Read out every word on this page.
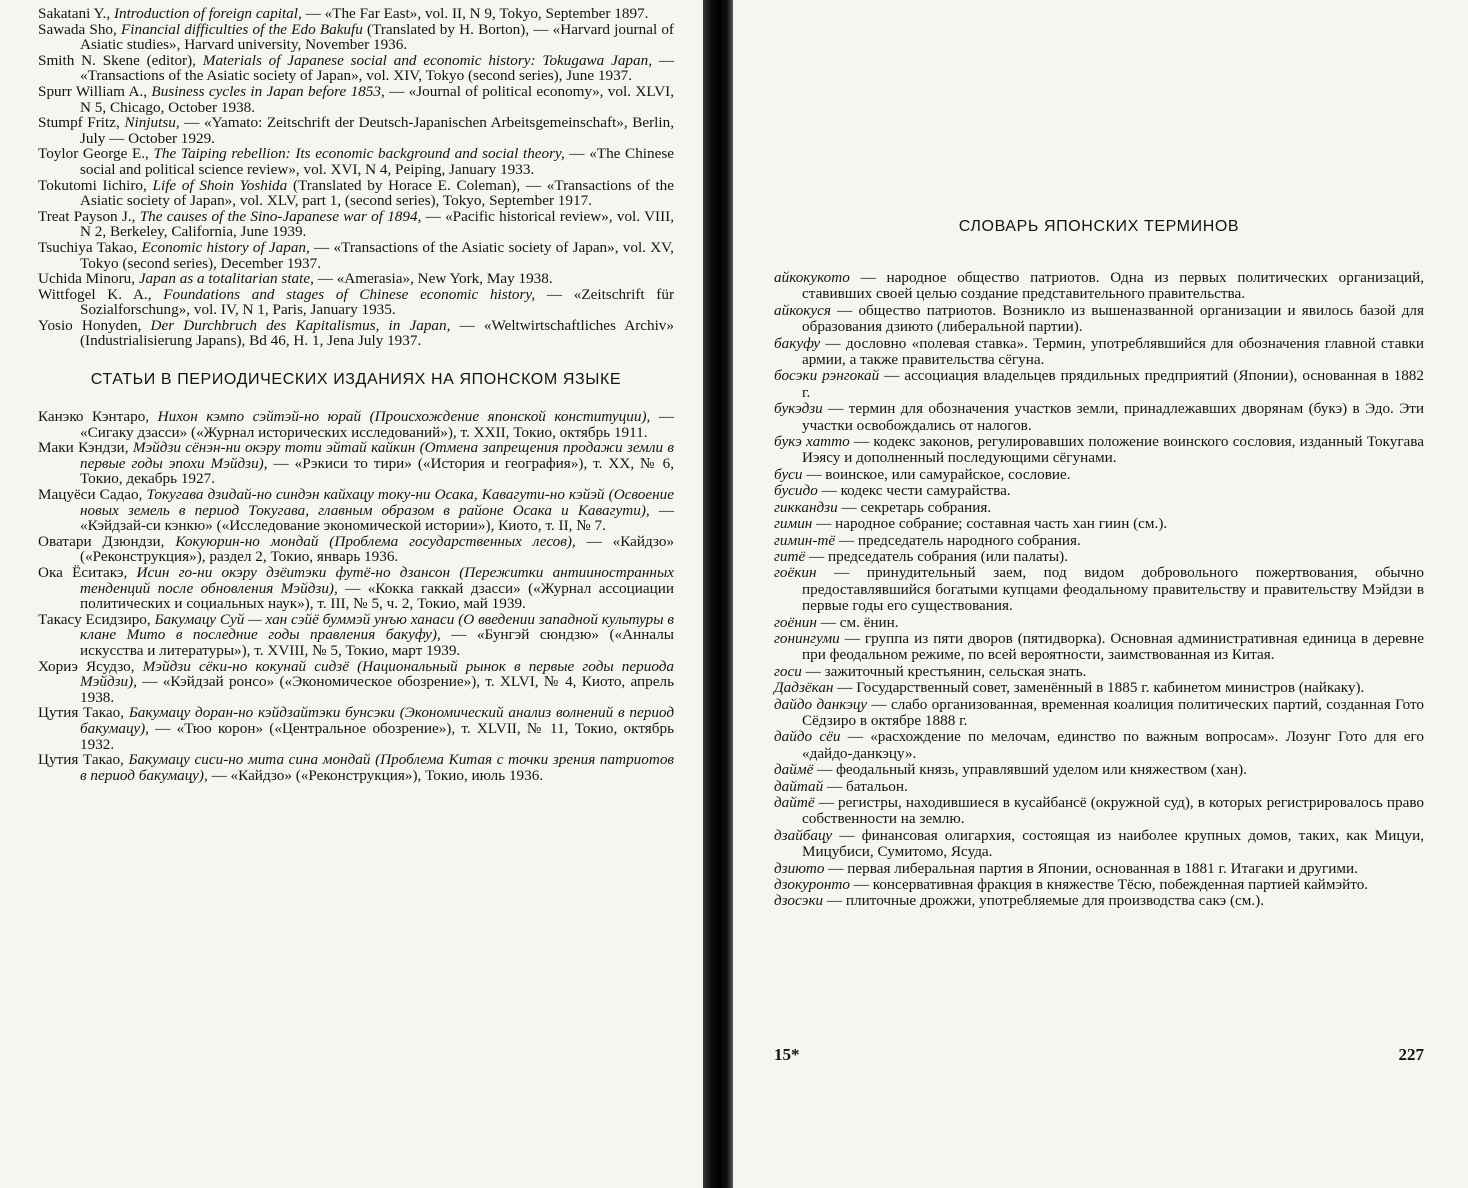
Sakatani Y., Introduction of foreign capital, — «The Far East», vol. II, N 9, Tokyo, September 1897.

Sawada Sho, Financial difficulties of the Edo Bakufu (Translated by H. Borton), — «Harvard journal of Asiatic studies», Harvard university, November 1936.

Smith N. Skene (editor), Materials of Japanese social and economic history: Tokugawa Japan, — «Transactions of the Asiatic society of Japan», vol. XIV, Tokyo (second series), June 1937.

Spurr William A., Business cycles in Japan before 1853, — «Journal of political economy», vol. XLVI, N 5, Chicago, October 1938.

Stumpf Fritz, Ninjutsu, — «Yamato: Zeitschrift der Deutsch-Japanischen Arbeitsgemeinschaft», Berlin, July — October 1929.

Toylor George E., The Taiping rebellion: Its economic background and social theory, — «The Chinese social and political science review», vol. XVI, N 4, Peiping, January 1933.

Tokutomi Iichiro, Life of Shoin Yoshida (Translated by Horace E. Coleman), — «Transactions of the Asiatic society of Japan», vol. XLV, part 1, (second series), Tokyo, September 1917.

Treat Payson J., The causes of the Sino-Japanese war of 1894, — «Pacific historical review», vol. VIII, N 2, Berkeley, California, June 1939.

Tsuchiya Takao, Economic history of Japan, — «Transactions of the Asiatic society of Japan», vol. XV, Tokyo (second series), December 1937.

Uchida Minoru, Japan as a totalitarian state, — «Amerasia», New York, May 1938.

Wittfogel K. A., Foundations and stages of Chinese economic history, — «Zeitschrift für Sozialforschung», vol. IV, N 1, Paris, January 1935.

Yosio Honyden, Der Durchbruch des Kapitalismus, in Japan, — «Weltwirtschaftliches Archiv» (Industrialisierung Japans), Bd 46, H. 1, Jena July 1937.

СТАТЬИ В ПЕРИОДИЧЕСКИХ ИЗДАНИЯХ НА ЯПОНСКОМ ЯЗЫКЕ

Канэко Кэнтаро, Нихон кэмпо сэйтэй-но юрай (Происхождение японской конституции), — «Сигаку дзасси» («Журнал исторических исследований»), т. XXII, Токио, октябрь 1911.

Маки Кэндзи, Мэйдзи сёнэн-ни окэру тоти эйтай кайкин (Отмена запрещения продажи земли в первые годы эпохи Мэйдзи), — «Рэкиси то тири» («История и география»), т. XX, № 6, Токио, декабрь 1927.

Мацуёси Садао, Токугава дзидай-но синдэн кайхацу току-ни Осака, Кавагути-но кэйэй (Освоение новых земель в период Токугава, главным образом в районе Осака и Кавагути), — «Кэйдзай-си кэнкю» («Исследование экономической истории»), Киото, т. II, № 7.

Оватари Дзюндзи, Кокуюрин-но мондай (Проблема государственных лесов), — «Кайдзо» («Реконструкция»), раздел 2, Токио, январь 1936.

Ока Ёситакэ, Исин го-ни окэру дзёитэки футё-но дзансон (Пережитки антииностранных тенденций после обновления Мэйдзи), — «Кокка гаккай дзасси» («Журнал ассоциации политических и социальных наук»), т. III, № 5, ч. 2, Токио, май 1939.

Такасу Есидзиро, Бакумацу Суй — хан сэйё буммэй унъю ханаси (О введении западной культуры в клане Мито в последние годы правления бакуфу), — «Бунгэй сюндзю» («Анналы искусства и литературы»), т. XVIII, № 5, Токио, март 1939.

Хориэ Ясудзо, Мэйдзи сёки-но кокунай сидзё (Национальный рынок в первые годы периода Мэйдзи), — «Кэйдзай ронсо» («Экономическое обозрение»), т. XLVI, № 4, Киото, апрель 1938.

Цутия Такао, Бакумацу доран-но кэйдзайтэки бунсэки (Экономический анализ волнений в период бакумацу), — «Тюо корон» («Центральное обозрение»), т. XLVII, № 11, Токио, октябрь 1932.

Цутия Такао, Бакумацу сиси-но мита сина мондай (Проблема Китая с точки зрения патриотов в период бакумацу), — «Кайдзо» («Реконструкция»), Токио, июль 1936.

СЛОВАРЬ ЯПОНСКИХ ТЕРМИНОВ

айкокукото — народное общество патриотов. Одна из первых политических организаций, ставивших своей целью создание представительного правительства.

айкокуся — общество патриотов. Возникло из вышеназванной организации и явилось базой для образования дзиюто (либеральной партии).

бакуфу — дословно «полевая ставка». Термин, употреблявшийся для обозначения главной ставки армии, а также правительства сёгуна.

босэки рэнгокай — ассоциация владельцев прядильных предприятий (Японии), основанная в 1882 г.

букэдзи — термин для обозначения участков земли, принадлежавших дворянам (букэ) в Эдо. Эти участки освобождались от налогов.

букэ хатто — кодекс законов, регулировавших положение воинского сословия, изданный Токугава Иэясу и дополненный последующими сёгунами.

буси — воинское, или самурайское, сословие.

бусидо — кодекс чести самурайства.

гиккандзи — секретарь собрания.

гимин — народное собрание; составная часть хан гиин (см.).

гимин-тё — председатель народного собрания.

гитё — председатель собрания (или палаты).

гоёкин — принудительный заем, под видом добровольного пожертвования, обычно предоставлявшийся богатыми купцами феодальному правительству и правительству Мэйдзи в первые годы его существования.

гоёнин — см. ёнин.

гонингуми — группа из пяти дворов (пятидворка). Основная административная единица в деревне при феодальном режиме, по всей вероятности, заимствованная из Китая.

госи — зажиточный крестьянин, сельская знать.

Дадзёкан — Государственный совет, заменённый в 1885 г. кабинетом министров (найкаку).

дайдо данкэцу — слабо организованная, временная коалиция политических партий, созданная Гото Сёдзиро в октябре 1888 г.

дайдо сёи — «расхождение по мелочам, единство по важным вопросам». Лозунг Гото для его «дайдо-данкэцу».

даймё — феодальный князь, управлявший уделом или княжеством (хан).

дайтай — батальон.

дайтё — регистры, находившиеся в кусайбансё (окружной суд), в которых регистрировалось право собственности на землю.

дзайбацу — финансовая олигархия, состоящая из наиболее крупных домов, таких, как Мицуи, Мицубиси, Сумитомо, Ясуда.

дзиюто — первая либеральная партия в Японии, основанная в 1881 г. Итагаки и другими.

дзокуронто — консервативная фракция в княжестве Тёсю, побежденная партией каймэйто.

дзосэки — плиточные дрожжи, употребляемые для производства сакэ (см.).

15*	227
